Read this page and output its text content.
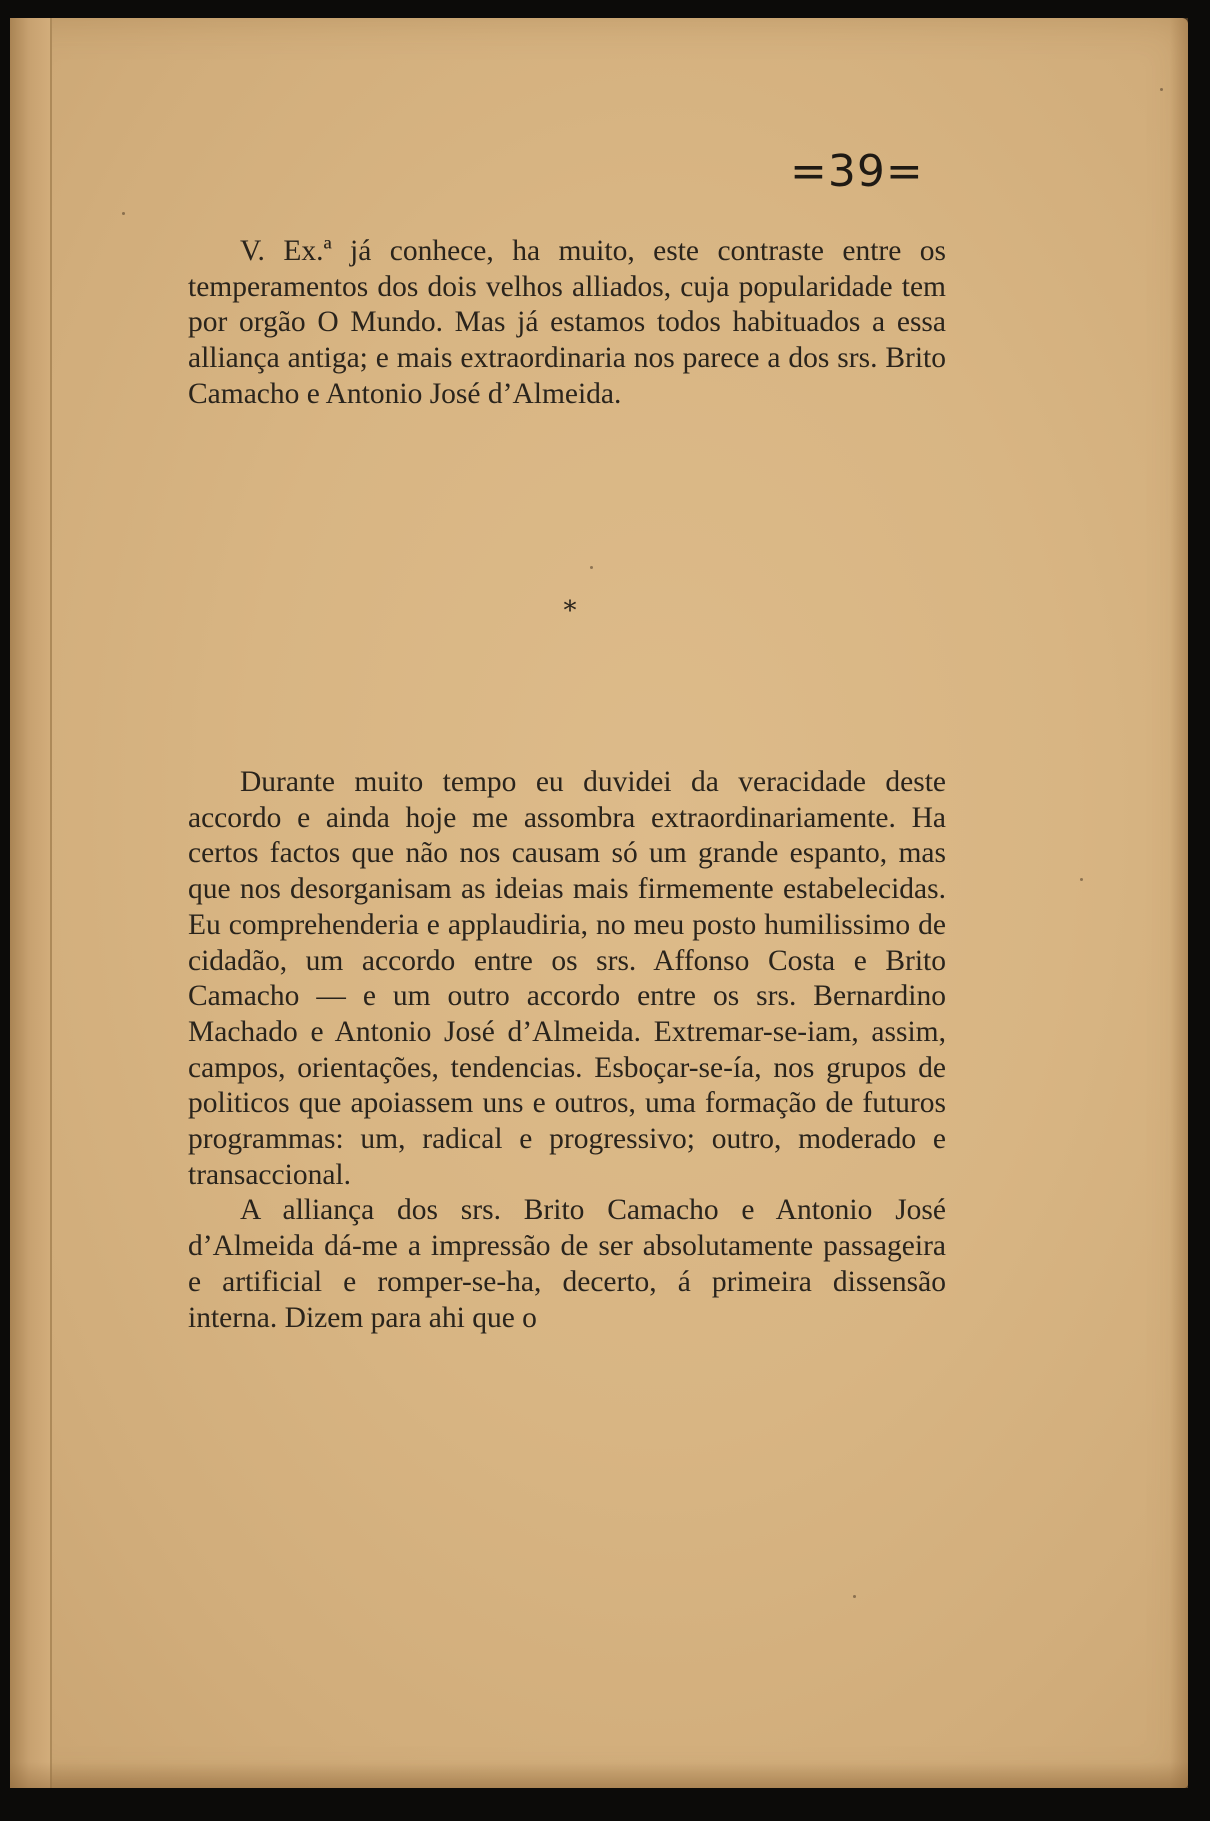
=39=

V. Ex.ª já conhece, ha muito, este contraste entre os temperamentos dos dois velhos alliados, cuja popularidade tem por orgão O Mundo. Mas já estamos todos habituados a essa alliança antiga; e mais extraordinaria nos parece a dos srs. Brito Camacho e Antonio José d’Almeida.

*

Durante muito tempo eu duvidei da veracidade deste accordo e ainda hoje me assombra extraordinariamente. Ha certos factos que não nos causam só um grande espanto, mas que nos desorganisam as ideias mais firmemente estabelecidas. Eu comprehenderia e applaudiria, no meu posto humilissimo de cidadão, um accordo entre os srs. Affonso Costa e Brito Camacho — e um outro accordo entre os srs. Bernardino Machado e Antonio José d’Almeida. Extremar-se-iam, assim, campos, orientações, tendencias. Esboçar-se-ía, nos grupos de politicos que apoiassem uns e outros, uma formação de futuros programmas: um, radical e progressivo; outro, moderado e transaccional.

A alliança dos srs. Brito Camacho e Antonio José d’Almeida dá-me a impressão de ser absolutamente passageira e artificial e romper-se-ha, decerto, á primeira dissensão interna. Dizem para ahi que o
